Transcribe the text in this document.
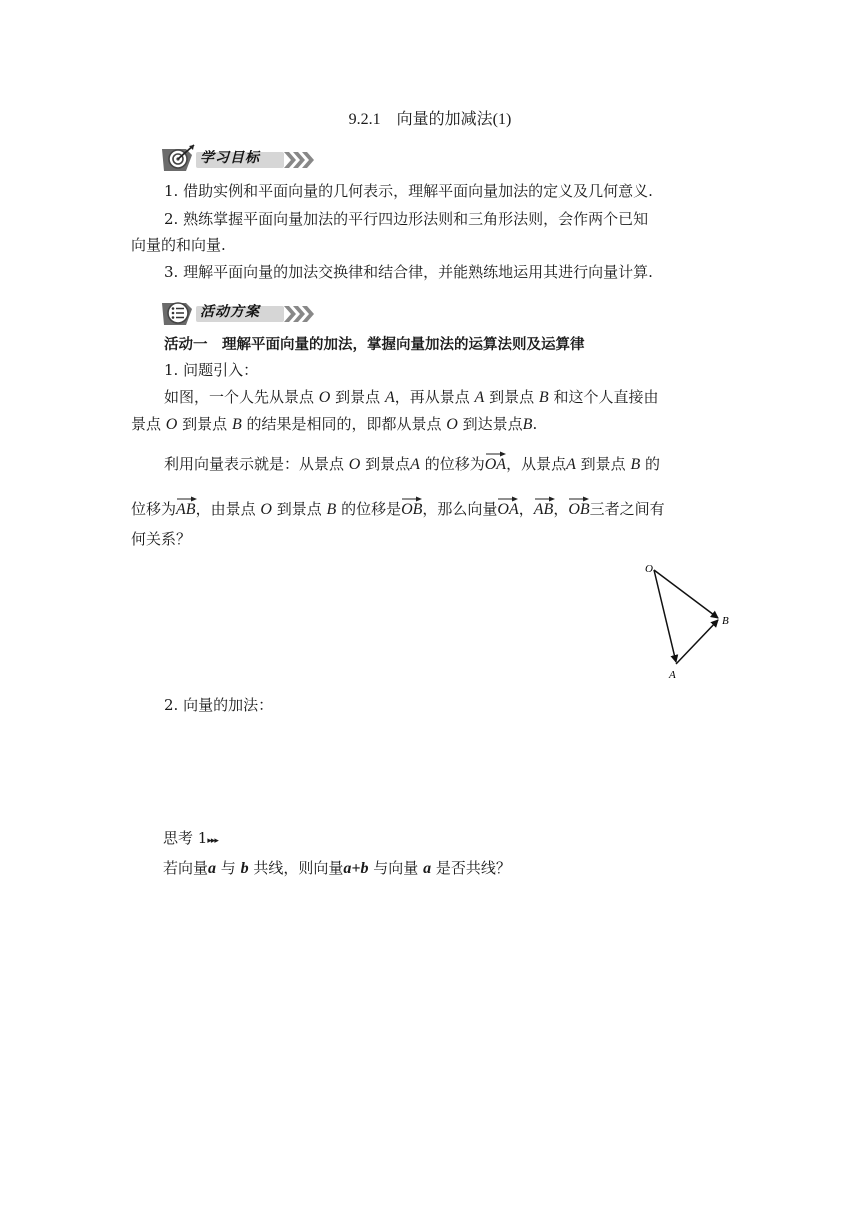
9.2.1　向量的加减法(1)
学习目标
1. 借助实例和平面向量的几何表示，理解平面向量加法的定义及几何意义.
2. 熟练掌握平面向量加法的平行四边形法则和三角形法则，会作两个已知
向量的和向量.
3. 理解平面向量的加法交换律和结合律，并能熟练地运用其进行向量计算.
活动方案
活动一　理解平面向量的加法，掌握向量加法的运算法则及运算律
1. 问题引入：
如图，一个人先从景点 O 到景点 A，再从景点 A 到景点 B 和这个人直接由
景点 O 到景点 B 的结果是相同的，即都从景点 O 到达景点B.
利用向量表示就是：从景点 O 到景点A 的位移为
OA，从景点A 到景点 B 的
位移为
AB，由景点 O 到景点 B 的位移是
OB，那么向量
OA，
AB，
OB三者之间有
何关系？
O
B
A
2. 向量的加法：
思考 1▸▸▸
若向量a 与 b 共线，则向量a+b 与向量 a 是否共线？
